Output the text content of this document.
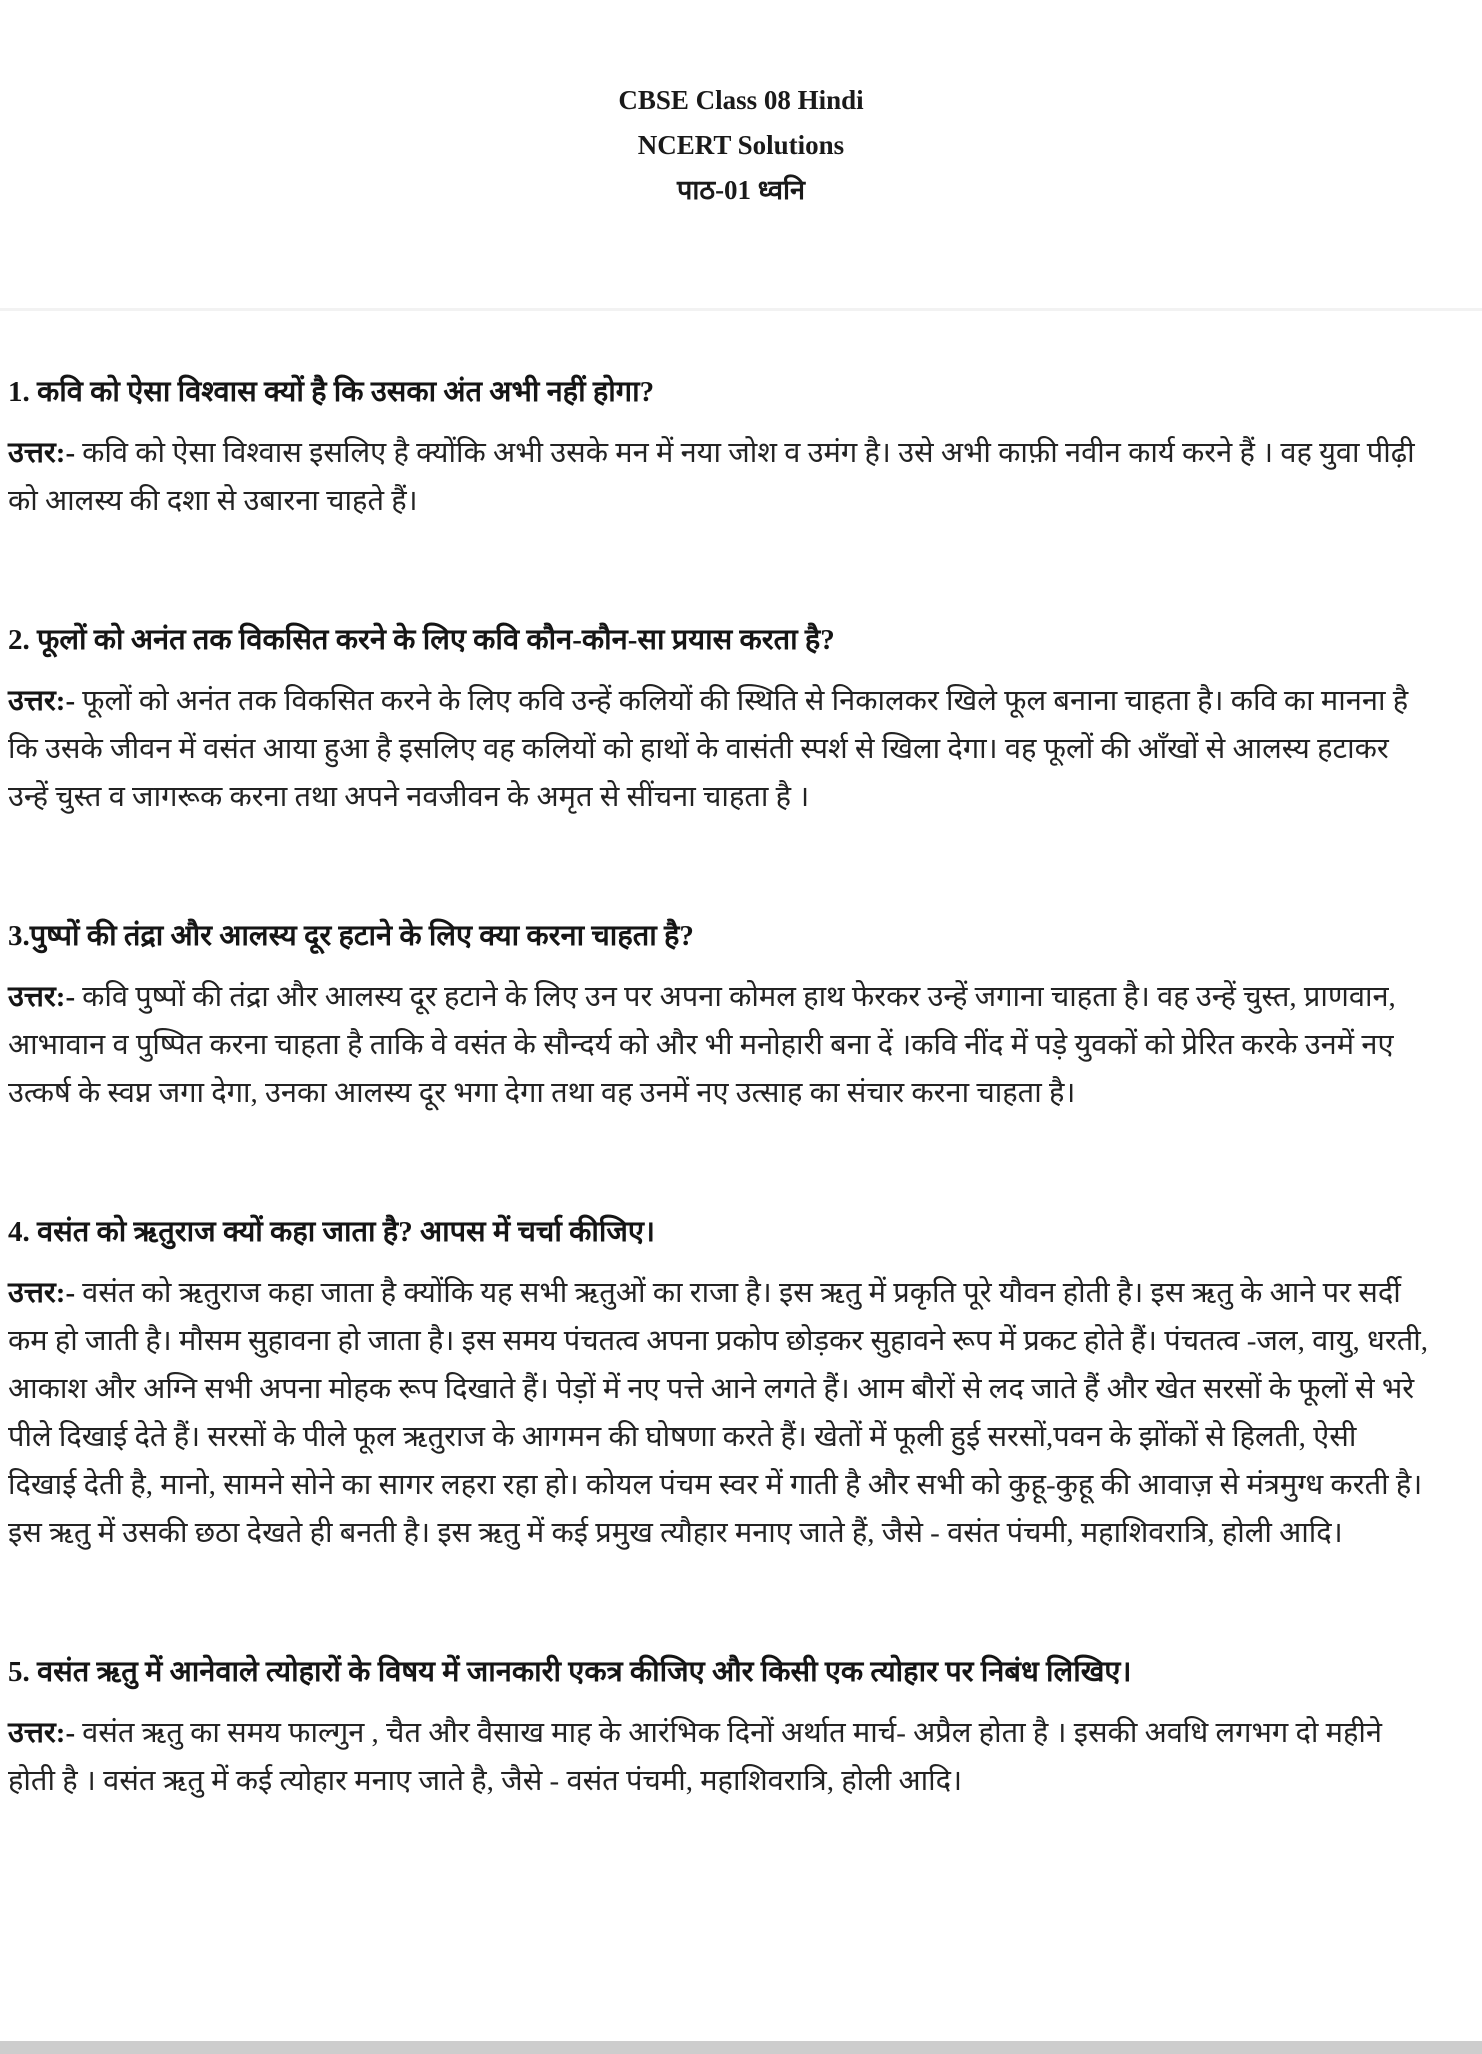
CBSE Class 08 Hindi
NCERT Solutions
पाठ-01 ध्वनि
1. कवि को ऐसा विश्वास क्यों है कि उसका अंत अभी नहीं होगा?

उत्तर:- कवि को ऐसा विश्वास इसलिए है क्योंकि अभी उसके मन में नया जोश व उमंग है। उसे अभी काफ़ी नवीन कार्य करने हैं । वह युवा पीढ़ी को आलस्य की दशा से उबारना चाहते हैं।

2. फूलों को अनंत तक विकसित करने के लिए कवि कौन-कौन-सा प्रयास करता है?

उत्तर:- फूलों को अनंत तक विकसित करने के लिए कवि उन्हें कलियों की स्थिति से निकालकर खिले फूल बनाना चाहता है। कवि का मानना है कि उसके जीवन में वसंत आया हुआ है इसलिए वह कलियों को हाथों के वासंती स्पर्श से खिला देगा। वह फूलों की आँखों से आलस्य हटाकर उन्हें चुस्त व जागरूक करना तथा अपने नवजीवन के अमृत से सींचना चाहता है ।

3.पुष्पों की तंद्रा और आलस्य दूर हटाने के लिए क्या करना चाहता है?

उत्तर:- कवि पुष्पों की तंद्रा और आलस्य दूर हटाने के लिए उन पर अपना कोमल हाथ फेरकर उन्हें जगाना चाहता है। वह उन्हें चुस्त, प्राणवान, आभावान व पुष्पित करना चाहता है ताकि वे वसंत के सौन्दर्य को और भी मनोहारी बना दें ।कवि नींद में पड़े युवकों को प्रेरित करके उनमें नए उत्कर्ष के स्वप्न जगा देगा, उनका आलस्य दूर भगा देगा तथा वह उनमें नए उत्साह का संचार करना चाहता है।

4. वसंत को ऋतुराज क्यों कहा जाता है? आपस में चर्चा कीजिए।

उत्तर:- वसंत को ऋतुराज कहा जाता है क्योंकि यह सभी ऋतुओं का राजा है। इस ऋतु में प्रकृति पूरे यौवन होती है। इस ऋतु के आने पर सर्दी कम हो जाती है। मौसम सुहावना हो जाता है। इस समय पंचतत्व अपना प्रकोप छोड़कर सुहावने रूप में प्रकट होते हैं। पंचतत्व -जल, वायु, धरती, आकाश और अग्नि सभी अपना मोहक रूप दिखाते हैं। पेड़ों में नए पत्ते आने लगते हैं। आम बौरों से लद जाते हैं और खेत सरसों के फूलों से भरे पीले दिखाई देते हैं। सरसों के पीले फूल ऋतुराज के आगमन की घोषणा करते हैं। खेतों में फूली हुई सरसों,पवन के झोंकों से हिलती, ऐसी दिखाई देती है, मानो, सामने सोने का सागर लहरा रहा हो। कोयल पंचम स्वर में गाती है और सभी को कुहू-कुहू की आवाज़ से मंत्रमुग्ध करती है। इस ऋतु में उसकी छठा देखते ही बनती है। इस ऋतु में कई प्रमुख त्यौहार मनाए जाते हैं, जैसे - वसंत पंचमी, महाशिवरात्रि, होली आदि।

5. वसंत ऋतु में आनेवाले त्योहारों के विषय में जानकारी एकत्र कीजिए और किसी एक त्योहार पर निबंध लिखिए।

उत्तर:- वसंत ऋतु का समय फाल्गुन , चैत और वैसाख माह के आरंभिक दिनों अर्थात मार्च- अप्रैल होता है । इसकी अवधि लगभग दो महीने होती है । वसंत ऋतु में कई त्योहार मनाए जाते है, जैसे - वसंत पंचमी, महाशिवरात्रि, होली आदि।
